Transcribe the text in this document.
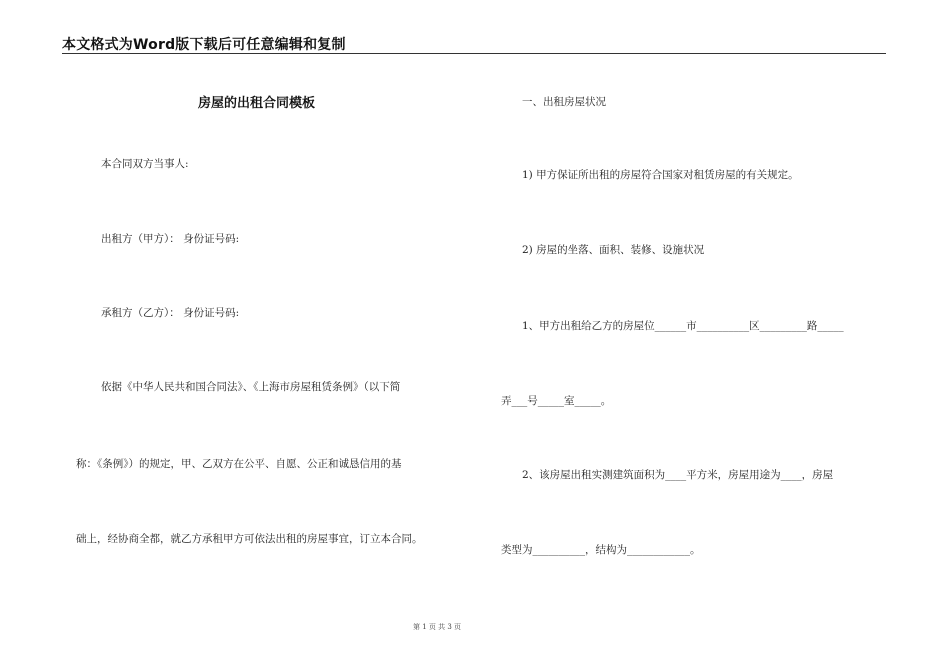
本文格式为Word版下载后可任意编辑和复制
房屋的出租合同模板
本合同双方当事人:
出租方（甲方）： 身份证号码:
承租方（乙方）： 身份证号码:
依据《中华人民共和国合同法》、《上海市房屋租赁条例》（以下简
称：《条例》）的规定，甲、乙双方在公平、自愿、公正和诚恳信用的基
础上，经协商全都，就乙方承租甲方可依法出租的房屋事宜，订立本合同。
一、出租房屋状况
1) 甲方保证所出租的房屋符合国家对租赁房屋的有关规定。
2) 房屋的坐落、面积、装修、设施状况
1、甲方出租给乙方的房屋位______市__________区_________路_____
弄___号_____室_____。
2、该房屋出租实测建筑面积为____平方米，房屋用途为____，房屋
类型为__________，结构为____________。
第 1 页 共 3 页
